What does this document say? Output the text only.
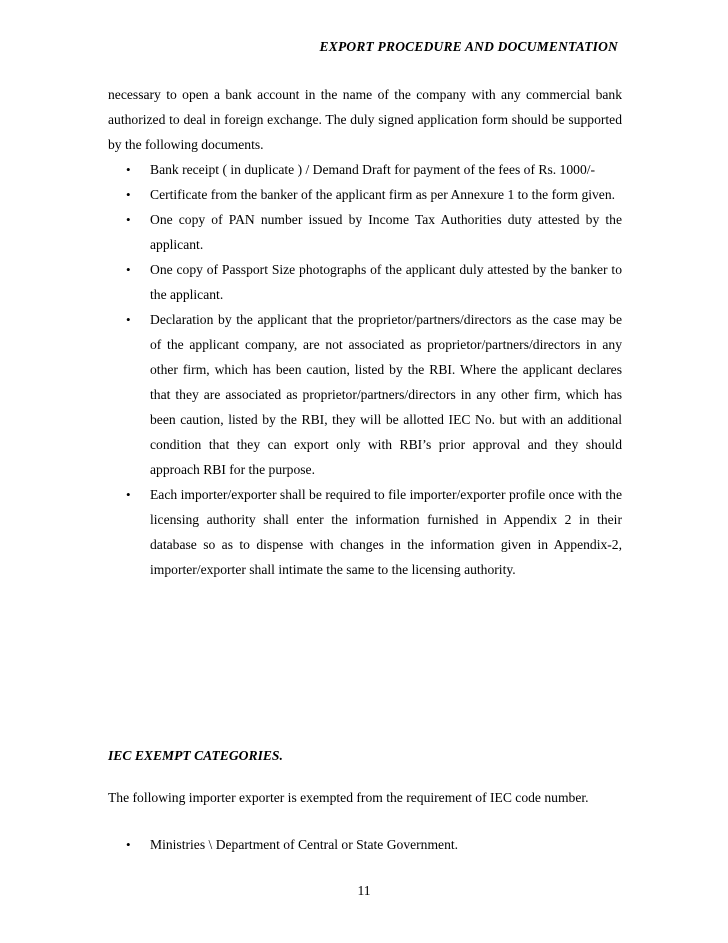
EXPORT PROCEDURE AND DOCUMENTATION

necessary to open a bank account in the name of the company with any commercial bank authorized to deal in foreign exchange. The duly signed application form should be supported by the following documents.

• Bank receipt ( in duplicate ) / Demand Draft for payment of the fees of Rs. 1000/-
• Certificate from the banker of the applicant firm as per Annexure 1 to the form given.
• One copy of PAN number issued by Income Tax Authorities duty attested by the applicant.
• One copy of Passport Size photographs of the applicant duly attested by the banker to the applicant.
• Declaration by the applicant that the proprietor/partners/directors as the case may be of the applicant company, are not associated as proprietor/partners/directors in any other firm, which has been caution, listed by the RBI. Where the applicant declares that they are associated as proprietor/partners/directors in any other firm, which has been caution, listed by the RBI, they will be allotted IEC No. but with an additional condition that they can export only with RBI’s prior approval and they should approach RBI for the purpose.
• Each importer/exporter shall be required to file importer/exporter profile once with the licensing authority shall enter the information furnished in Appendix 2 in their database so as to dispense with changes in the information given in Appendix-2, importer/exporter shall intimate the same to the licensing authority.
IEC EXEMPT CATEGORIES.
The following importer exporter is exempted from the requirement of IEC code number.
• Ministries \ Department of Central or State Government.
11
